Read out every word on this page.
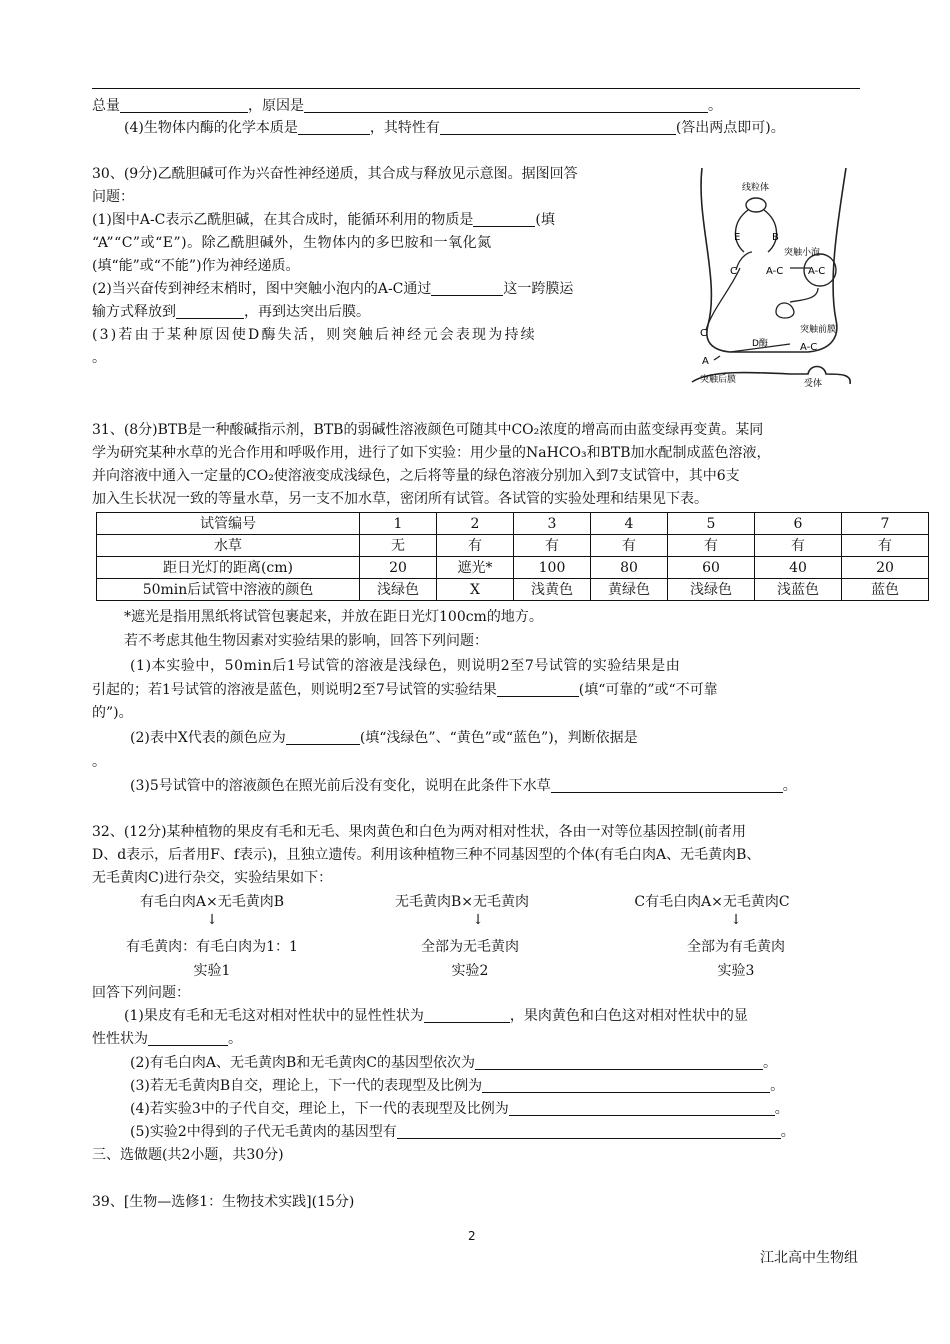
总量	，原因是	。
(4)生物体内酶的化学本质是	，其特性有	(答出两点即可)。
30、(9分)乙酰胆碱可作为兴奋性神经递质，其合成与释放见示意图。据图回答
问题：
(1)图中A-C表示乙酰胆碱，在其合成时，能循环利用的物质是	(填
“A”“C”或“E”)。除乙酰胆碱外，生物体内的多巴胺和一氧化氮
(填“能”或“不能”)作为神经递质。
(2)当兴奋传到神经末梢时，图中突触小泡内的A-C通过	这一跨膜运
输方式释放到	，再到达突出后膜。
(3)若由于某种原因使D酶失活，则突触后神经元会表现为持续
。
线粒体
E	B
突触小泡
C	A-C A-C
突触前膜
C
D酶	A-C
A
突触后膜	受体
31、(8分)BTB是一种酸碱指示剂，BTB的弱碱性溶液颜色可随其中CO₂浓度的增高而由蓝变绿再变黄。某同
学为研究某种水草的光合作用和呼吸作用，进行了如下实验：用少量的NaHCO₃和BTB加水配制成蓝色溶液，
并向溶液中通入一定量的CO₂使溶液变成浅绿色，之后将等量的绿色溶液分别加入到7支试管中，其中6支
加入生长状况一致的等量水草，另一支不加水草，密闭所有试管。各试管的实验处理和结果见下表。
试管编号	1	2	3	4	5	6	7
水草	无	有	有	有	有	有	有
距日光灯的距离(cm)	20	遮光*	100	80	60	40	20
50min后试管中溶液的颜色	浅绿色	X	浅黄色	黄绿色	浅绿色	浅蓝色	蓝色
*遮光是指用黑纸将试管包裹起来，并放在距日光灯100cm的地方。
若不考虑其他生物因素对实验结果的影响，回答下列问题：
(1)本实验中，50min后1号试管的溶液是浅绿色，则说明2至7号试管的实验结果是由
引起的；若1号试管的溶液是蓝色，则说明2至7号试管的实验结果	(填“可靠的”或“不可靠
的”)。
(2)表中X代表的颜色应为	(填“浅绿色”、“黄色”或“蓝色”)，判断依据是
。
(3)5号试管中的溶液颜色在照光前后没有变化，说明在此条件下水草	。
32、(12分)某种植物的果皮有毛和无毛、果肉黄色和白色为两对相对性状，各由一对等位基因控制(前者用
D、d表示，后者用F、f表示)，且独立遗传。利用该种植物三种不同基因型的个体(有毛白肉A、无毛黄肉B、
无毛黄肉C)进行杂交，实验结果如下：
有毛白肉A×无毛黄肉B	无毛黄肉B×无毛黄肉	C有毛白肉A×无毛黄肉C
↓	↓	↓
有毛黄肉：有毛白肉为1：1	全部为无毛黄肉	全部为有毛黄肉
实验1	实验2	实验3
回答下列问题：
(1)果皮有毛和无毛这对相对性状中的显性性状为	，果肉黄色和白色这对相对性状中的显
性性状为	。
(2)有毛白肉A、无毛黄肉B和无毛黄肉C的基因型依次为	。
(3)若无毛黄肉B自交，理论上，下一代的表现型及比例为	。
(4)若实验3中的子代自交，理论上，下一代的表现型及比例为	。
(5)实验2中得到的子代无毛黄肉的基因型有	。
三、选做题(共2小题，共30分)
39、[生物—选修1：生物技术实践](15分)
2
江北高中生物组
